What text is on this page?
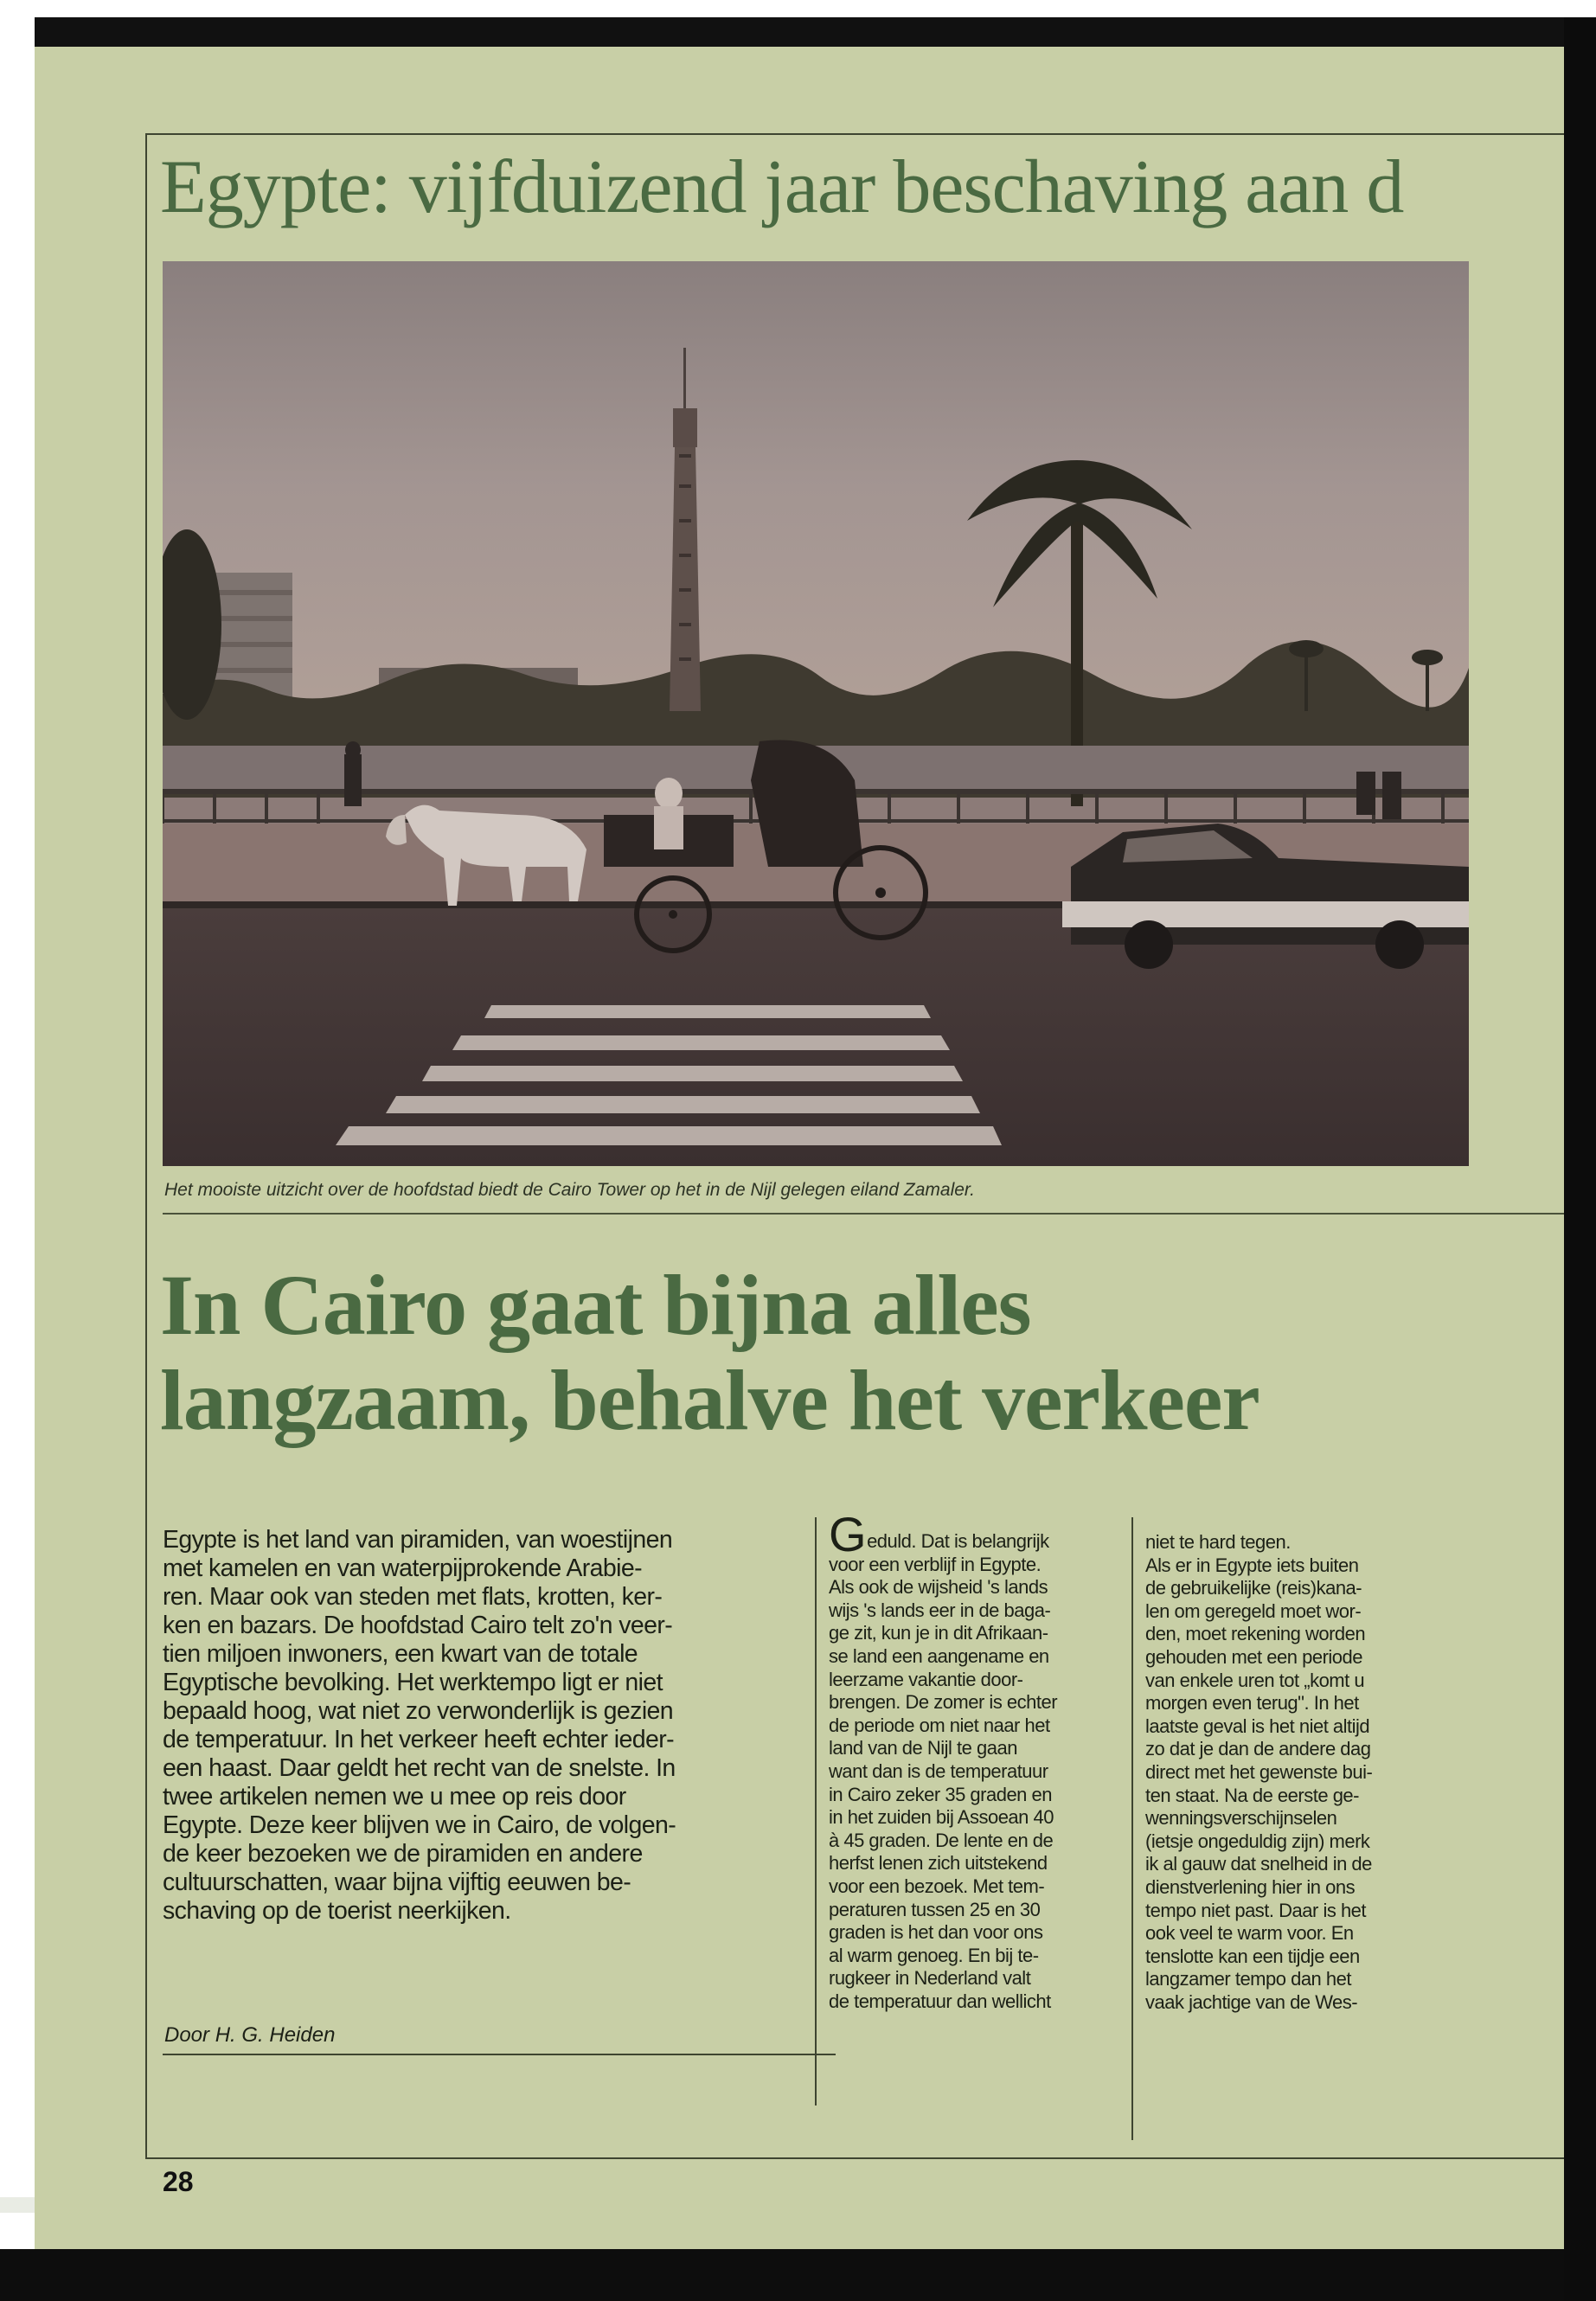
Egypte: vijfduizend jaar beschaving aan d
Het mooiste uitzicht over de hoofdstad biedt de Cairo Tower op het in de Nijl gelegen eiland Zamaler.
In Cairo gaat bijna alles
langzaam, behalve het verkeer
Egypte is het land van piramiden, van woestijnen
met kamelen en van waterpijprokende Arabie-
ren. Maar ook van steden met flats, krotten, ker-
ken en bazars. De hoofdstad Cairo telt zo'n veer-
tien miljoen inwoners, een kwart van de totale
Egyptische bevolking. Het werktempo ligt er niet
bepaald hoog, wat niet zo verwonderlijk is gezien
de temperatuur. In het verkeer heeft echter ieder-
een haast. Daar geldt het recht van de snelste. In
twee artikelen nemen we u mee op reis door
Egypte. Deze keer blijven we in Cairo, de volgen-
de keer bezoeken we de piramiden en andere
cultuurschatten, waar bijna vijftig eeuwen be-
schaving op de toerist neerkijken.
Door H. G. Heiden
Geduld. Dat is belangrijk
voor een verblijf in Egypte.
Als ook de wijsheid 's lands
wijs 's lands eer in de baga-
ge zit, kun je in dit Afrikaan-
se land een aangename en
leerzame vakantie door-
brengen. De zomer is echter
de periode om niet naar het
land van de Nijl te gaan
want dan is de temperatuur
in Cairo zeker 35 graden en
in het zuiden bij Assoean 40
à 45 graden. De lente en de
herfst lenen zich uitstekend
voor een bezoek. Met tem-
peraturen tussen 25 en 30
graden is het dan voor ons
al warm genoeg. En bij te-
rugkeer in Nederland valt
de temperatuur dan wellicht
niet te hard tegen.
Als er in Egypte iets buiten
de gebruikelijke (reis)kana-
len om geregeld moet wor-
den, moet rekening worden
gehouden met een periode
van enkele uren tot „komt u
morgen even terug". In het
laatste geval is het niet altijd
zo dat je dan de andere dag
direct met het gewenste bui-
ten staat. Na de eerste ge-
wenningsverschijnselen
(ietsje ongeduldig zijn) merk
ik al gauw dat snelheid in de
dienstverlening hier in ons
tempo niet past. Daar is het
ook veel te warm voor. En
tenslotte kan een tijdje een
langzamer tempo dan het
vaak jachtige van de Wes-
28
